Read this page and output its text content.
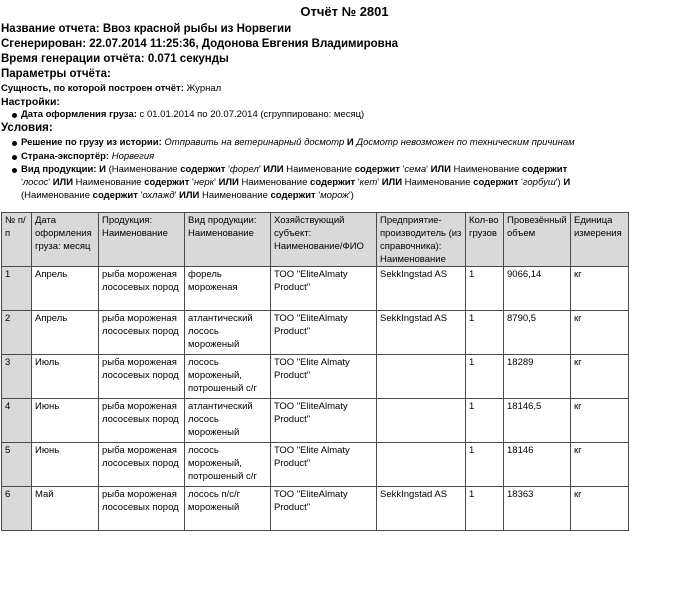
Отчёт № 2801
Название отчета: Ввоз красной рыбы из Норвегии
Сгенерирован: 22.07.2014 11:25:36, Додонова Евгения Владимировна
Время генерации отчёта: 0.071 секунды
Параметры отчёта:
Сущность, по которой построен отчёт: Журнал
Настройки:
Дата оформления груза: с 01.01.2014 по 20.07.2014 (сгруппировано: месяц)
Условия:
Решение по грузу из истории: Отправить на ветеринарный досмотр И Досмотр невозможен по техническим причинам
Страна-экспортёр: Норвегия
Вид продукции: И (Наименование содержит 'форел' ИЛИ Наименование содержит 'сема' ИЛИ Наименование содержит
'лосос' ИЛИ Наименование содержит 'нерк' ИЛИ Наименование содержит 'кет' ИЛИ Наименование содержит 'горбуш') И
(Наименование содержит 'охлажд' ИЛИ Наименование содержит 'морож')
№ п/п	Дата оформления груза: месяц	Продукция: Наименование	Вид продукции: Наименование	Хозяйствующий субъект: Наименование/ФИО	Предприятие-производитель (из справочника): Наименование	Кол-во грузов	Провезённый объем	Единица измерения
1	Апрель	рыба мороженая лососевых пород	форель мороженая	ТОО "EliteAlmaty Product"	SekkIngstad AS	1	9066,14	кг
2	Апрель	рыба мороженая лососевых пород	атлантический лосось мороженый	ТОО "EliteAlmaty Product"	SekkIngstad AS	1	8790,5	кг
3	Июль	рыба мороженая лососевых пород	лосось мороженый, потрошеный с/г	ТОО "Elite Almaty Product"		1	18289	кг
4	Июнь	рыба мороженая лососевых пород	атлантический лосось мороженый	ТОО "EliteAlmaty Product"		1	18146,5	кг
5	Июнь	рыба мороженая лососевых пород	лосось мороженый, потрошеный с/г	ТОО "Elite Almaty Product"		1	18146	кг
6	Май	рыба мороженая лососевых пород	лосось п/с/г мороженый	ТОО "EliteAlmaty Product"	SekkIngstad AS	1	18363	кг
